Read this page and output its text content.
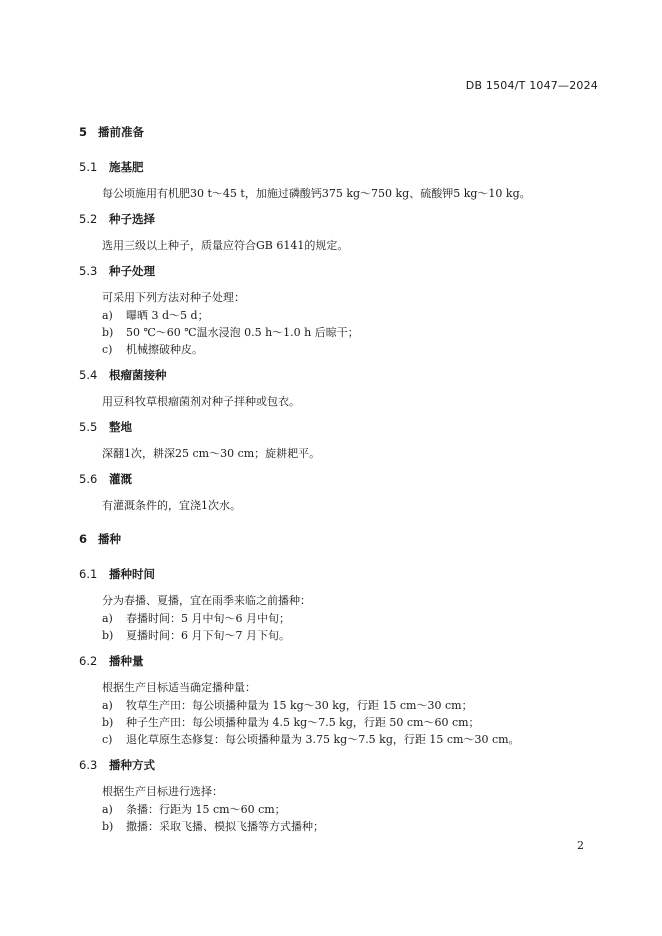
DB 1504/T 1047—2024
5 播前准备
5.1 施基肥
每公顷施用有机肥30 t～45 t，加施过磷酸钙375 kg～750 kg、硫酸钾5 kg～10 kg。
5.2 种子选择
选用三级以上种子，质量应符合GB 6141的规定。
5.3 种子处理
可采用下列方法对种子处理：
a) 曝晒 3 d～5 d；
b) 50 ℃～60 ℃温水浸泡 0.5 h～1.0 h 后晾干；
c) 机械擦破种皮。
5.4 根瘤菌接种
用豆科牧草根瘤菌剂对种子拌种或包衣。
5.5 整地
深翻1次，耕深25 cm～30 cm；旋耕耙平。
5.6 灌溉
有灌溉条件的，宜浇1次水。
6 播种
6.1 播种时间
分为春播、夏播，宜在雨季来临之前播种：
a) 春播时间：5 月中旬～6 月中旬；
b) 夏播时间：6 月下旬～7 月下旬。
6.2 播种量
根据生产目标适当确定播种量：
a) 牧草生产田：每公顷播种量为 15 kg～30 kg，行距 15 cm～30 cm；
b) 种子生产田：每公顷播种量为 4.5 kg～7.5 kg，行距 50 cm～60 cm；
c) 退化草原生态修复：每公顷播种量为 3.75 kg～7.5 kg，行距 15 cm～30 cm。
6.3 播种方式
根据生产目标进行选择：
a) 条播：行距为 15 cm～60 cm；
b) 撒播：采取飞播、模拟飞播等方式播种；
2
